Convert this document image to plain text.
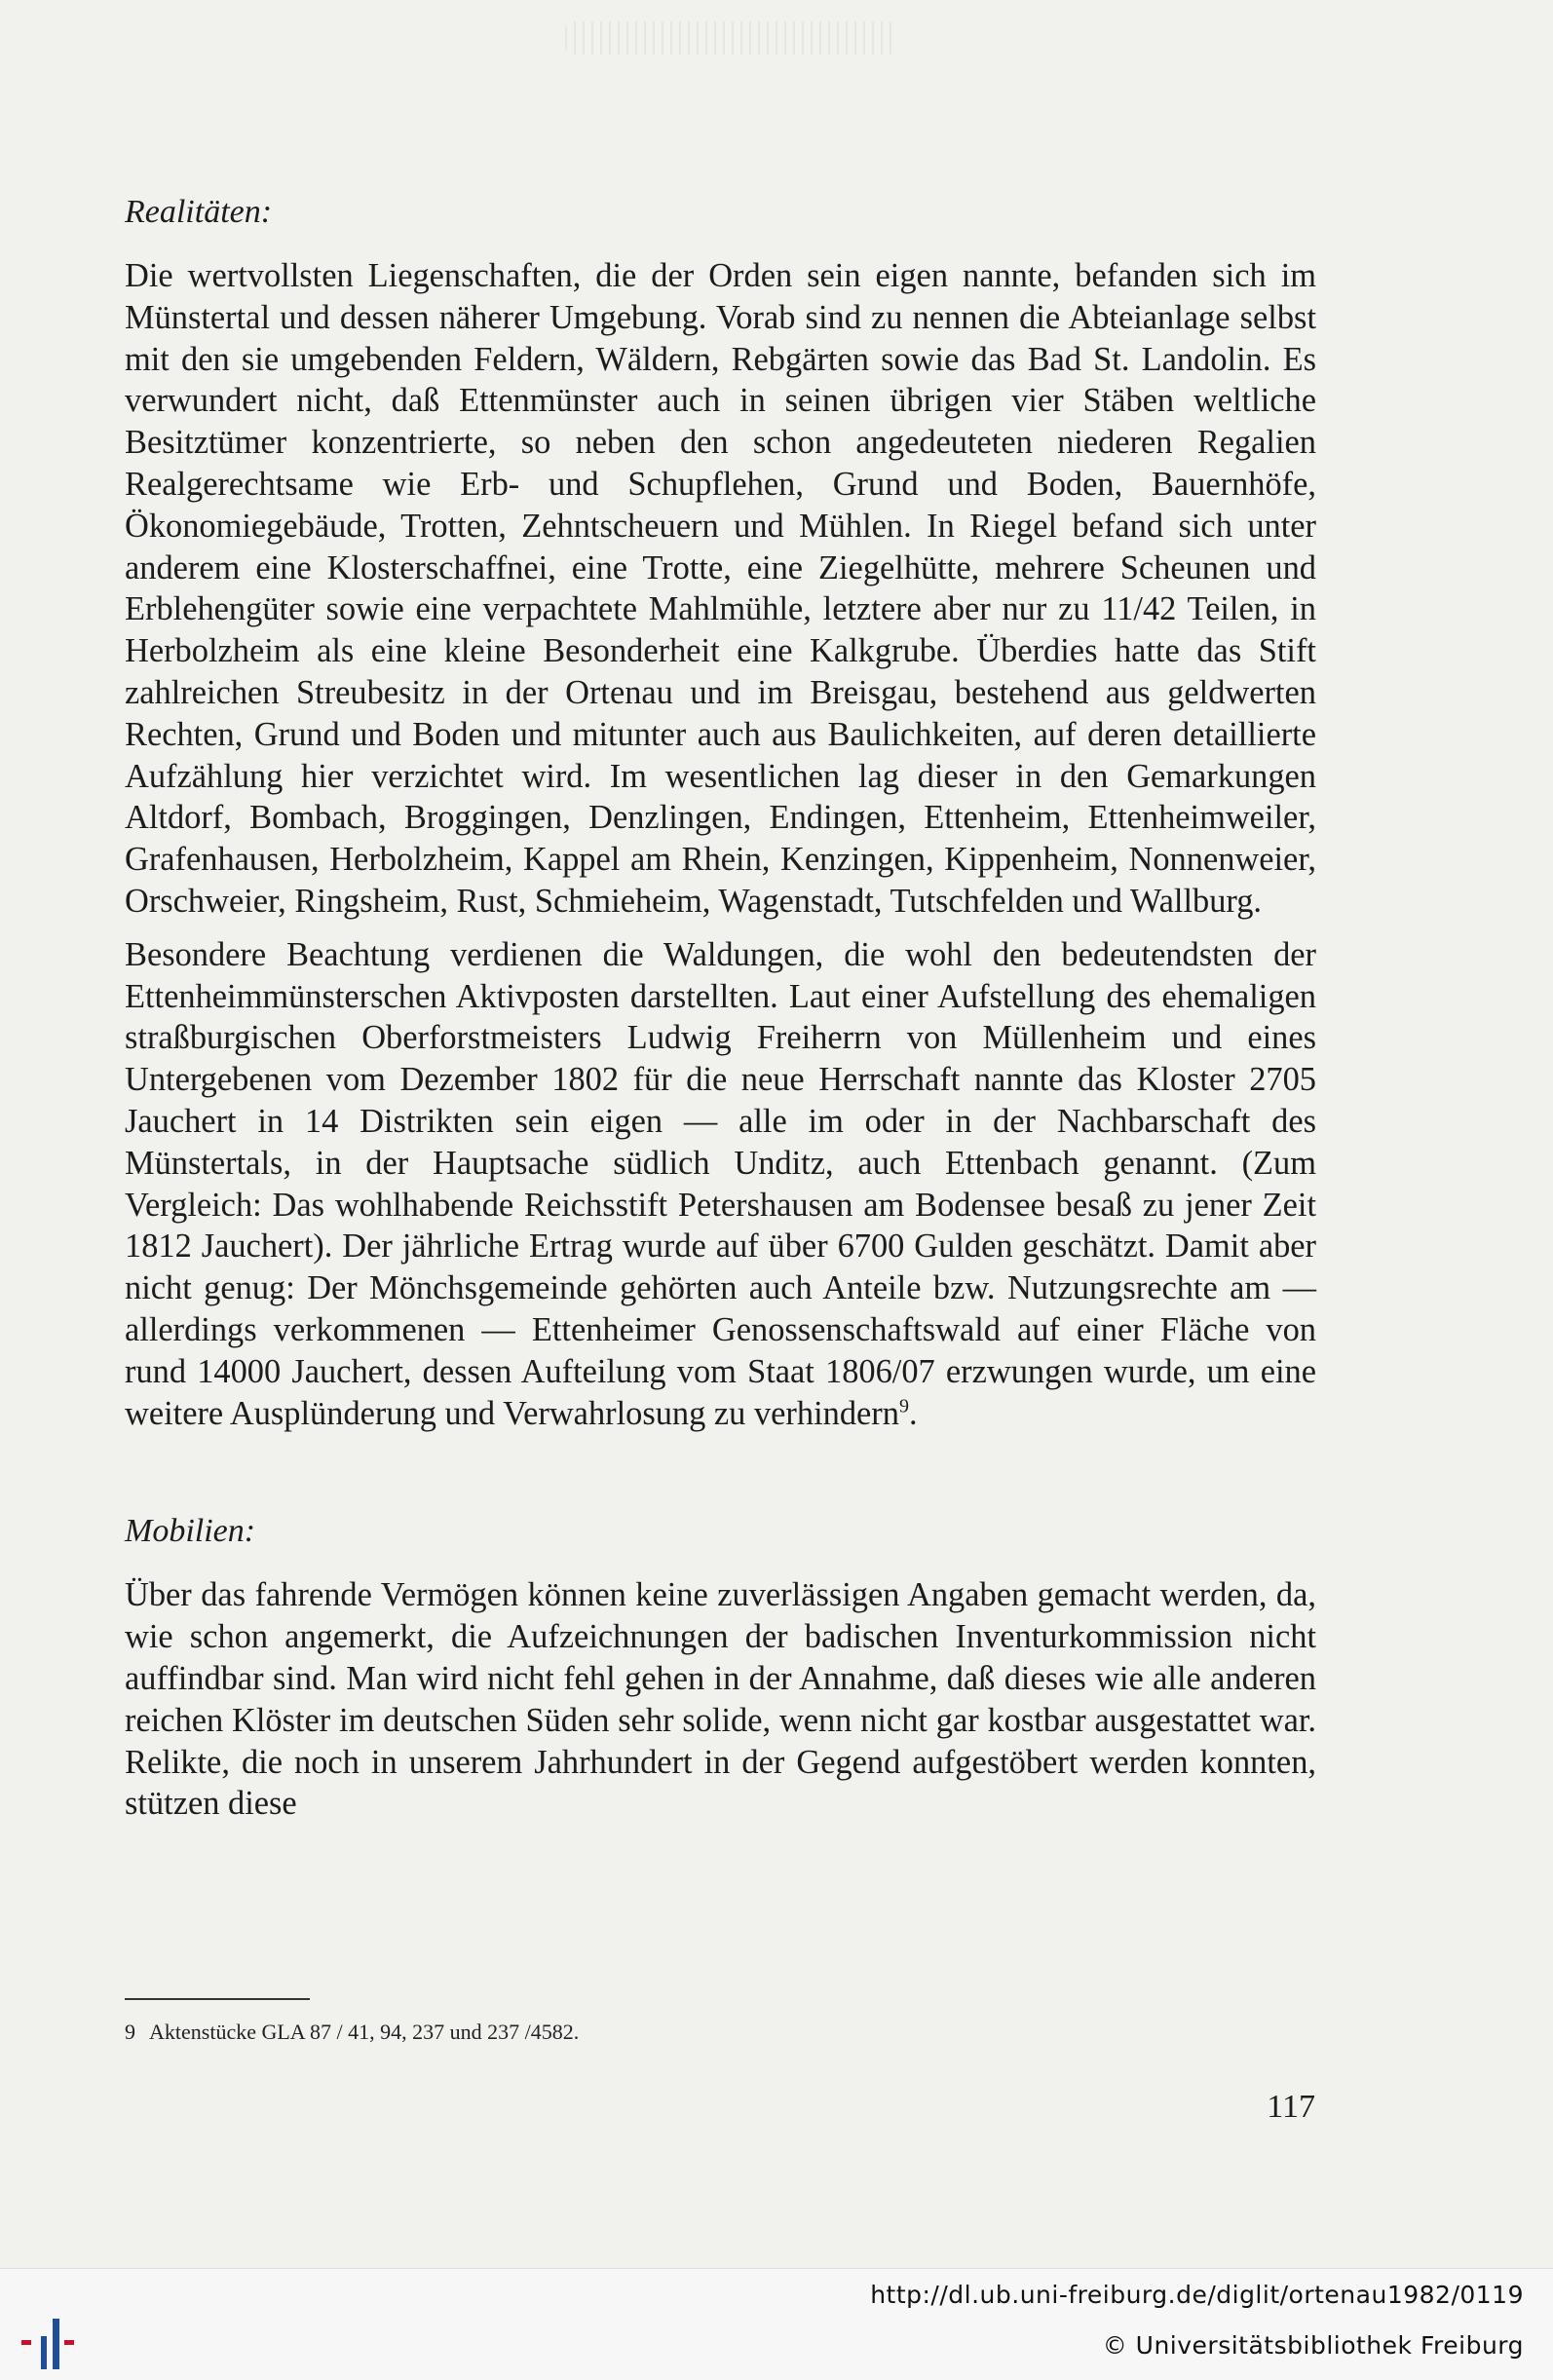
Realitäten:

Die wertvollsten Liegenschaften, die der Orden sein eigen nannte, befanden sich im Münstertal und dessen näherer Umgebung. Vorab sind zu nennen die Abteianlage selbst mit den sie umgebenden Feldern, Wäldern, Rebgärten sowie das Bad St. Landolin. Es verwundert nicht, daß Ettenmünster auch in seinen übrigen vier Stäben weltliche Besitztümer konzentrierte, so neben den schon angedeuteten niederen Regalien Realgerechtsame wie Erb- und Schupflehen, Grund und Boden, Bauernhöfe, Ökonomiegebäude, Trotten, Zehntscheuern und Mühlen. In Riegel befand sich unter anderem eine Klosterschaffnei, eine Trotte, eine Ziegelhütte, mehrere Scheunen und Erblehengüter sowie eine verpachtete Mahlmühle, letztere aber nur zu 11/42 Teilen, in Herbolzheim als eine kleine Besonderheit eine Kalkgrube. Überdies hatte das Stift zahlreichen Streubesitz in der Ortenau und im Breisgau, bestehend aus geldwerten Rechten, Grund und Boden und mitunter auch aus Baulichkeiten, auf deren detaillierte Aufzählung hier verzichtet wird. Im wesentlichen lag dieser in den Gemarkungen Altdorf, Bombach, Broggingen, Denzlingen, Endingen, Ettenheim, Ettenheimweiler, Grafenhausen, Herbolzheim, Kappel am Rhein, Kenzingen, Kippenheim, Nonnenweier, Orschweier, Ringsheim, Rust, Schmieheim, Wagenstadt, Tutschfelden und Wallburg.

Besondere Beachtung verdienen die Waldungen, die wohl den bedeutendsten der Ettenheimmünsterschen Aktivposten darstellten. Laut einer Aufstellung des ehemaligen straßburgischen Oberforstmeisters Ludwig Freiherrn von Müllenheim und eines Untergebenen vom Dezember 1802 für die neue Herrschaft nannte das Kloster 2705 Jauchert in 14 Distrikten sein eigen — alle im oder in der Nachbarschaft des Münstertals, in der Hauptsache südlich Unditz, auch Ettenbach genannt. (Zum Vergleich: Das wohlhabende Reichsstift Petershausen am Bodensee besaß zu jener Zeit 1812 Jauchert). Der jährliche Ertrag wurde auf über 6700 Gulden geschätzt. Damit aber nicht genug: Der Mönchsgemeinde gehörten auch Anteile bzw. Nutzungsrechte am — allerdings verkommenen — Ettenheimer Genossenschaftswald auf einer Fläche von rund 14000 Jauchert, dessen Aufteilung vom Staat 1806/07 erzwungen wurde, um eine weitere Ausplünderung und Verwahrlosung zu verhindern$^9$.

Mobilien:

Über das fahrende Vermögen können keine zuverlässigen Angaben gemacht werden, da, wie schon angemerkt, die Aufzeichnungen der badischen Inventurkommission nicht auffindbar sind. Man wird nicht fehl gehen in der Annahme, daß dieses wie alle anderen reichen Klöster im deutschen Süden sehr solide, wenn nicht gar kostbar ausgestattet war. Relikte, die noch in unserem Jahrhundert in der Gegend aufgestöbert werden konnten, stützen diese

9 Aktenstücke GLA 87 / 41, 94, 237 und 237 /4582.
117
http://dl.ub.uni-freiburg.de/diglit/ortenau1982/0119
© Universitätsbibliothek Freiburg
